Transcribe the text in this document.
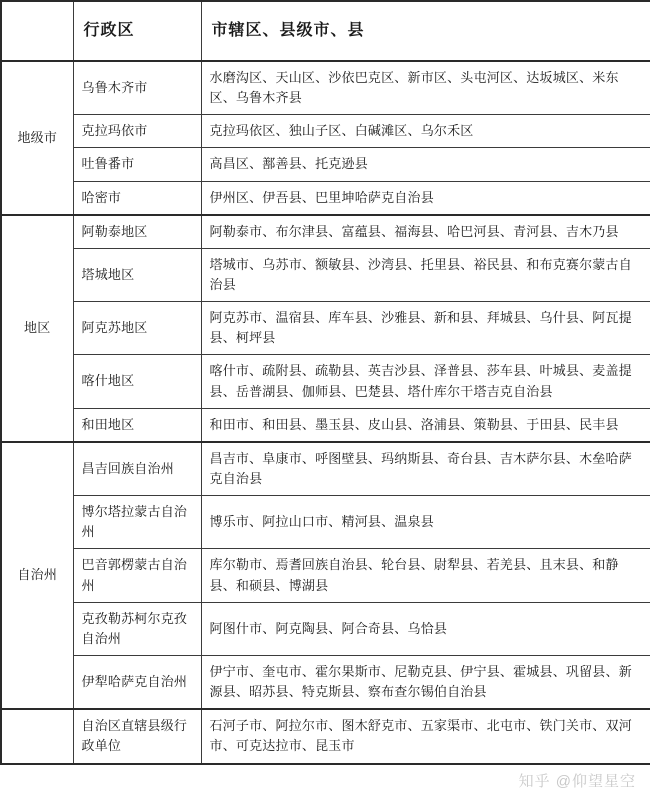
	行政区	市辖区、县级市、县
地级市	乌鲁木齐市	水磨沟区、天山区、沙依巴克区、新市区、头屯河区、达坂城区、米东区、乌鲁木齐县
	克拉玛依市	克拉玛依区、独山子区、白碱滩区、乌尔禾区
	吐鲁番市	高昌区、鄯善县、托克逊县
	哈密市	伊州区、伊吾县、巴里坤哈萨克自治县
地区	阿勒泰地区	阿勒泰市、布尔津县、富蕴县、福海县、哈巴河县、青河县、吉木乃县
	塔城地区	塔城市、乌苏市、额敏县、沙湾县、托里县、裕民县、和布克赛尔蒙古自治县
	阿克苏地区	阿克苏市、温宿县、库车县、沙雅县、新和县、拜城县、乌什县、阿瓦提县、柯坪县
	喀什地区	喀什市、疏附县、疏勒县、英吉沙县、泽普县、莎车县、叶城县、麦盖提县、岳普湖县、伽师县、巴楚县、塔什库尔干塔吉克自治县
	和田地区	和田市、和田县、墨玉县、皮山县、洛浦县、策勒县、于田县、民丰县
自治州	昌吉回族自治州	昌吉市、阜康市、呼图壁县、玛纳斯县、奇台县、吉木萨尔县、木垒哈萨克自治县
	博尔塔拉蒙古自治州	博乐市、阿拉山口市、精河县、温泉县
	巴音郭楞蒙古自治州	库尔勒市、焉耆回族自治县、轮台县、尉犁县、若羌县、且末县、和静县、和硕县、博湖县
	克孜勒苏柯尔克孜自治州	阿图什市、阿克陶县、阿合奇县、乌恰县
	伊犁哈萨克自治州	伊宁市、奎屯市、霍尔果斯市、尼勒克县、伊宁县、霍城县、巩留县、新源县、昭苏县、特克斯县、察布查尔锡伯自治县
	自治区直辖县级行政单位	石河子市、阿拉尔市、图木舒克市、五家渠市、北屯市、铁门关市、双河市、可克达拉市、昆玉市
知乎 @仰望星空
